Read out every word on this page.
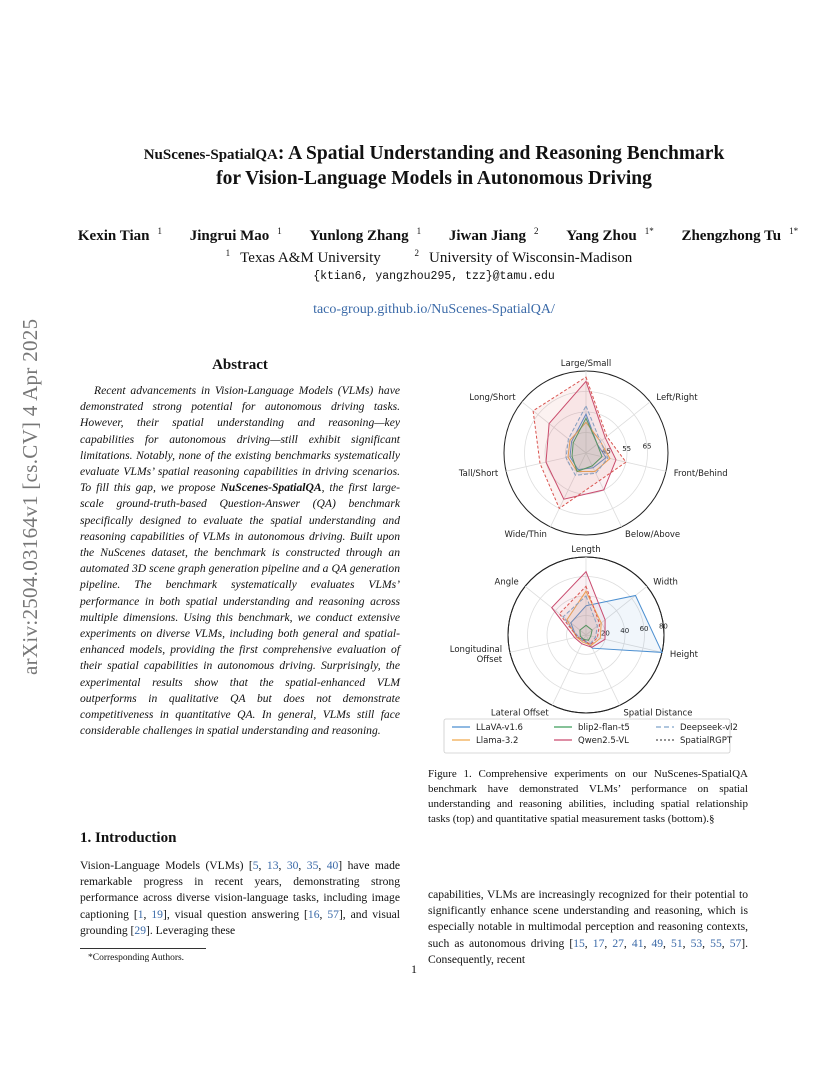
arXiv:2504.03164v1 [cs.CV] 4 Apr 2025
NuScenes-SpatialQA: A Spatial Understanding and Reasoning Benchmark
for Vision-Language Models in Autonomous Driving
Kexin Tian $^1$ Jingrui Mao $^1$ Yunlong Zhang $^1$ Jiwan Jiang $^2$ Yang Zhou $^{1*}$ Zhengzhong Tu $^{1*}$
$^1$ Texas A&M University	$^2$ University of Wisconsin-Madison
{ktian6, yangzhou295, tzz}@tamu.edu
taco-group.github.io/NuScenes-SpatialQA/
Abstract
Recent advancements in Vision-Language Models (VLMs) have demonstrated strong potential for autonomous driving tasks. However, their spatial understanding and reasoning—key capabilities for autonomous driving—still exhibit significant limitations. Notably, none of the existing benchmarks systematically evaluate VLMs’ spatial reasoning capabilities in driving scenarios. To fill this gap, we propose NuScenes-SpatialQA, the first large-scale ground-truth-based Question-Answer (QA) benchmark specifically designed to evaluate the spatial understanding and reasoning capabilities of VLMs in autonomous driving. Built upon the NuScenes dataset, the benchmark is constructed through an automated 3D scene graph generation pipeline and a QA generation pipeline. The benchmark systematically evaluates VLMs’ performance in both spatial understanding and reasoning across multiple dimensions. Using this benchmark, we conduct extensive experiments on diverse VLMs, including both general and spatial-enhanced models, providing the first comprehensive evaluation of their spatial capabilities in autonomous driving. Surprisingly, the experimental results show that the spatial-enhanced VLM outperforms in qualitative QA but does not demonstrate competitiveness in quantitative QA. In general, VLMs still face considerable challenges in spatial understanding and reasoning.
1. Introduction
Vision-Language Models (VLMs) [5, 13, 30, 35, 40] have made remarkable progress in recent years, demonstrating strong performance across diverse vision-language tasks, including image captioning [1, 19], visual question answering [16, 57], and visual grounding [29]. Leveraging these
*Corresponding Authors.
Large/Small
Left/Right
Front/Behind
Below/Above
Wide/Thin
Tall/Short
Long/Short
45 55 65
Length
Width
Height
Spatial Distance
Lateral Offset
Longitudinal
Offset
Angle
20 40 60 80
LLaVA-v1.6	blip2-flan-t5	Deepseek-vl2
Llama-3.2	Qwen2.5-VL	SpatialRGPT
Figure 1. Comprehensive experiments on our NuScenes-SpatialQA benchmark have demonstrated VLMs’ performance on spatial understanding and reasoning abilities, including spatial relationship tasks (top) and quantitative spatial measurement tasks (bottom).§
capabilities, VLMs are increasingly recognized for their potential to significantly enhance scene understanding and reasoning, which is especially notable in multimodal perception and reasoning contexts, such as autonomous driving [15, 17, 27, 41, 49, 51, 53, 55, 57]. Consequently, recent
1
